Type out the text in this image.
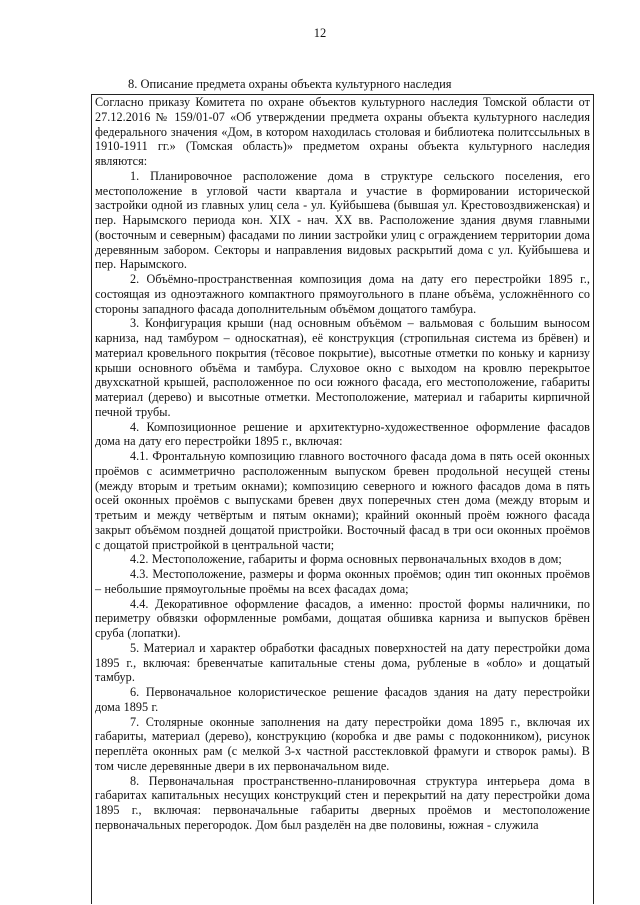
12
8. Описание предмета охраны объекта культурного наследия

Согласно приказу Комитета по охране объектов культурного наследия Томской области от 27.12.2016 № 159/01-07 «Об утверждении предмета охраны объекта культурного наследия федерального значения «Дом, в котором находилась столовая и библиотека политссыльных в 1910-1911 гг.» (Томская область)» предметом охраны объекта культурного наследия являются:

1. Планировочное расположение дома в структуре сельского поселения, его местоположение в угловой части квартала и участие в формировании исторической застройки одной из главных улиц села - ул. Куйбышева (бывшая ул. Крестовоздвиженская) и пер. Нарымского периода кон. XIX - нач. XX вв. Расположение здания двумя главными (восточным и северным) фасадами по линии застройки улиц с ограждением территории дома деревянным забором. Секторы и направления видовых раскрытий дома с ул. Куйбышева и пер. Нарымского.

2. Объёмно-пространственная композиция дома на дату его перестройки 1895 г., состоящая из одноэтажного компактного прямоугольного в плане объёма, усложнённого со стороны западного фасада дополнительным объёмом дощатого тамбура.

3. Конфигурация крыши (над основным объёмом – вальмовая с большим выносом карниза, над тамбуром – односкатная), её конструкция (стропильная система из брёвен) и материал кровельного покрытия (тёсовое покрытие), высотные отметки по коньку и карнизу крыши основного объёма и тамбура. Слуховое окно с выходом на кровлю перекрытое двухскатной крышей, расположенное по оси южного фасада, его местоположение, габариты материал (дерево) и высотные отметки. Местоположение, материал и габариты кирпичной печной трубы.

4. Композиционное решение и архитектурно-художественное оформление фасадов дома на дату его перестройки 1895 г., включая:

4.1. Фронтальную композицию главного восточного фасада дома в пять осей оконных проёмов с асимметрично расположенным выпуском бревен продольной несущей стены (между вторым и третьим окнами); композицию северного и южного фасадов дома в пять осей оконных проёмов с выпусками бревен двух поперечных стен дома (между вторым и третьим и между четвёртым и пятым окнами); крайний оконный проём южного фасада закрыт объёмом поздней дощатой пристройки. Восточный фасад в три оси оконных проёмов с дощатой пристройкой в центральной части;

4.2. Местоположение, габариты и форма основных первоначальных входов в дом;

4.3. Местоположение, размеры и форма оконных проёмов; один тип оконных проёмов – небольшие прямоугольные проёмы на всех фасадах дома;

4.4. Декоративное оформление фасадов, а именно: простой формы наличники, по периметру обвязки оформленные ромбами, дощатая обшивка карниза и выпусков брёвен сруба (лопатки).

5. Материал и характер обработки фасадных поверхностей на дату перестройки дома 1895 г., включая: бревенчатые капитальные стены дома, рубленые в «обло» и дощатый тамбур.

6. Первоначальное колористическое решение фасадов здания на дату перестройки дома 1895 г.

7. Столярные оконные заполнения на дату перестройки дома 1895 г., включая их габариты, материал (дерево), конструкцию (коробка и две рамы с подоконником), рисунок переплёта оконных рам (с мелкой 3-х частной расстекловкой фрамуги и створок рамы). В том числе деревянные двери в их первоначальном виде.

8. Первоначальная пространственно-планировочная структура интерьера дома в габаритах капитальных несущих конструкций стен и перекрытий на дату перестройки дома 1895 г., включая: первоначальные габариты дверных проёмов и местоположение первоначальных перегородок. Дом был разделён на две половины, южная - служила
